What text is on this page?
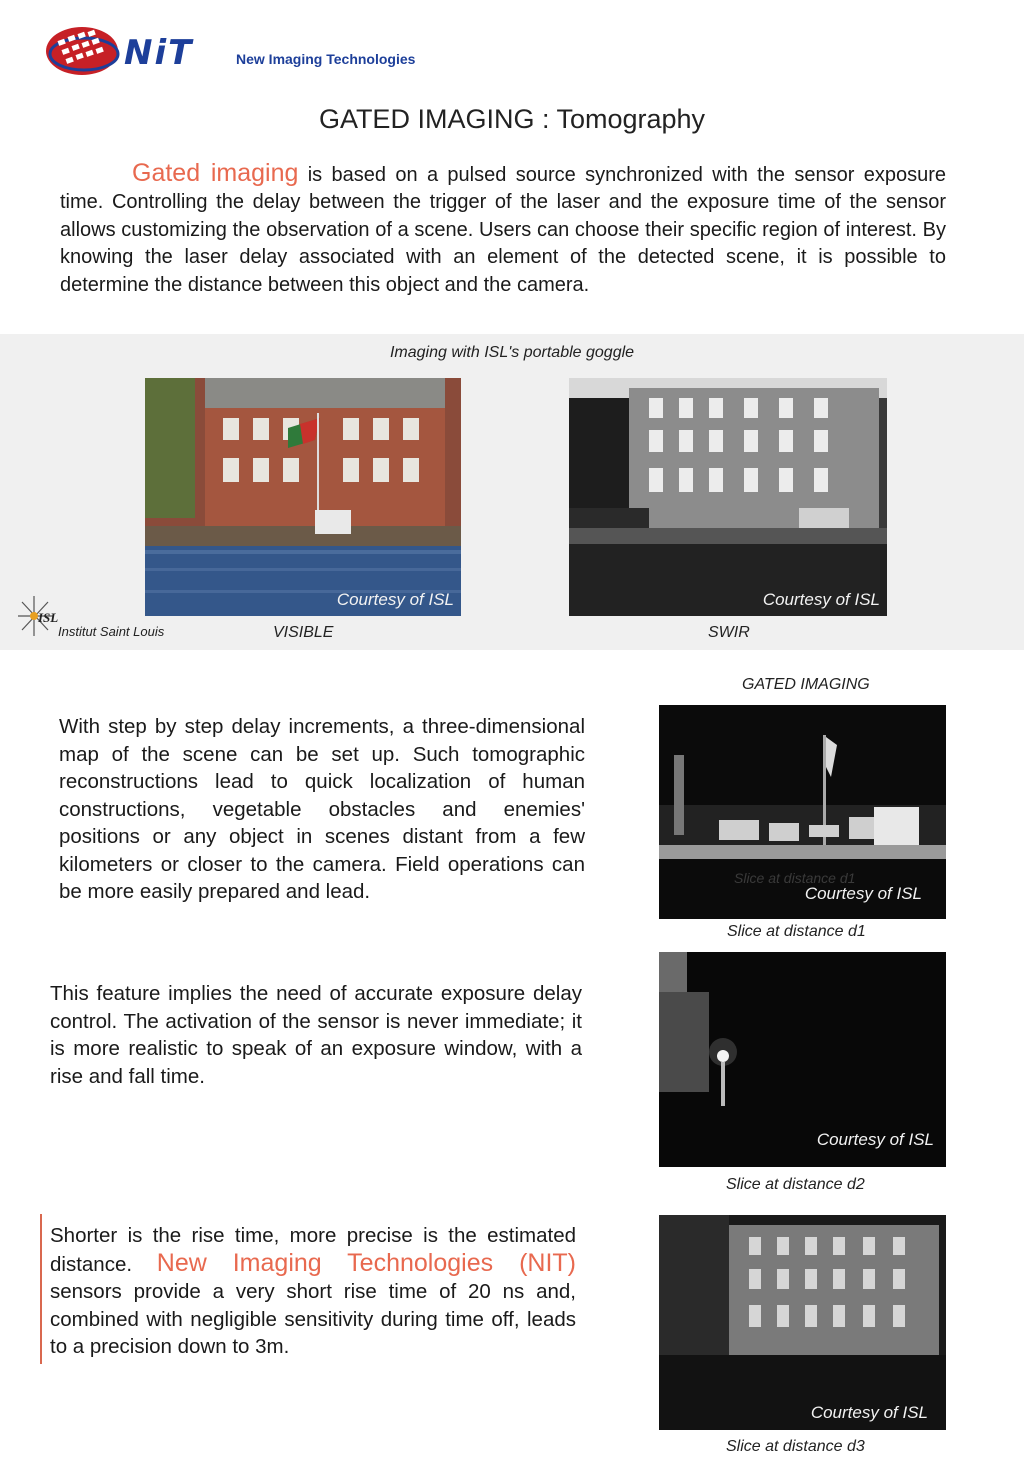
NiT	New Imaging Technologies
GATED IMAGING : Tomography
Gated imaging is based on a pulsed source synchronized with the sensor exposure time. Controlling the delay between the trigger of the laser and the exposure time of the sensor allows customizing the observation of a scene. Users can choose their specific region of interest. By knowing the laser delay associated with an element of the detected scene, it is possible to determine the distance between this object and the camera.
Imaging with ISL's portable goggle
Courtesy of ISL	Courtesy of ISL
ISL
Institut Saint Louis	VISIBLE	SWIR
GATED IMAGING
Slice at distance d1
Courtesy of ISL
Slice at distance d1
Courtesy of ISL
Slice at distance d2
Courtesy of ISL
Slice at distance d3
With step by step delay increments, a three-dimensional map of the scene can be set up. Such tomographic reconstructions lead to quick localization of human constructions, vegetable obstacles and enemies' positions or any object in scenes distant from a few kilometers or closer to the camera. Field operations can be more easily prepared and lead.
This feature implies the need of accurate exposure delay control. The activation of the sensor is never immediate; it is more realistic to speak of an exposure window, with a rise and fall time.
Shorter is the rise time, more precise is the estimated distance. New Imaging Technologies (NIT) sensors provide a very short rise time of 20 ns and, combined with negligible sensitivity during time off, leads to a precision down to 3m.
